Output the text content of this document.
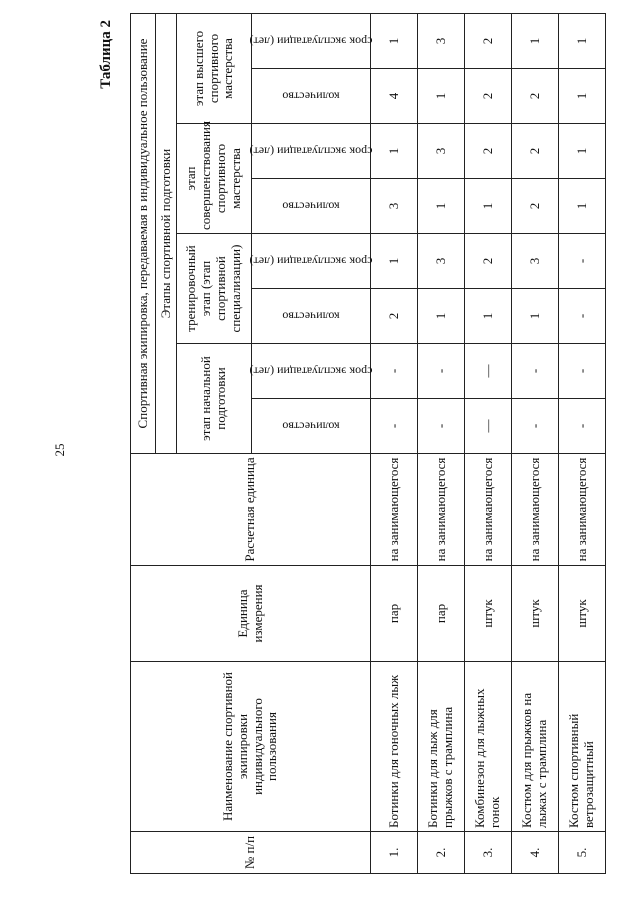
25
Таблица 2
№ п/п	Наименование спортивной экипировки индивидуального пользования	Единица измерения	Расчетная единица	Спортивная экипировка, передаваемая в индивидуальное пользование							
				Этапы спортивной подготовки							
				этап начальной подготовки		тренировочный этап (этап спортивной специализации)		этап совершенствования спортивного мастерства		этап высшего спортивного мастерства	

				количество	срок эксплуатации (лет)	количество	срок эксплуатации (лет)	количество	срок эксплуатации (лет)	количество	срок эксплуатации (лет)

1.	Ботинки для гоночных лыж	пар	на занимающегося	-	-	2	1	3	1	4	1
2.	Ботинки для лыж для прыжков с трамплина	пар	на занимающегося	-	-	1	3	1	3	1	3
3.	Комбинезон для лыжных гонок	штук	на занимающегося	—	—	1	2	1	2	2	2
4.	Костюм для прыжков на лыжах с трамплина	штук	на занимающегося	-	-	1	3	2	2	2	1
5.	Костюм спортивный ветрозащитный	штук	на занимающегося	-	-	-	-	1	1	1	1
